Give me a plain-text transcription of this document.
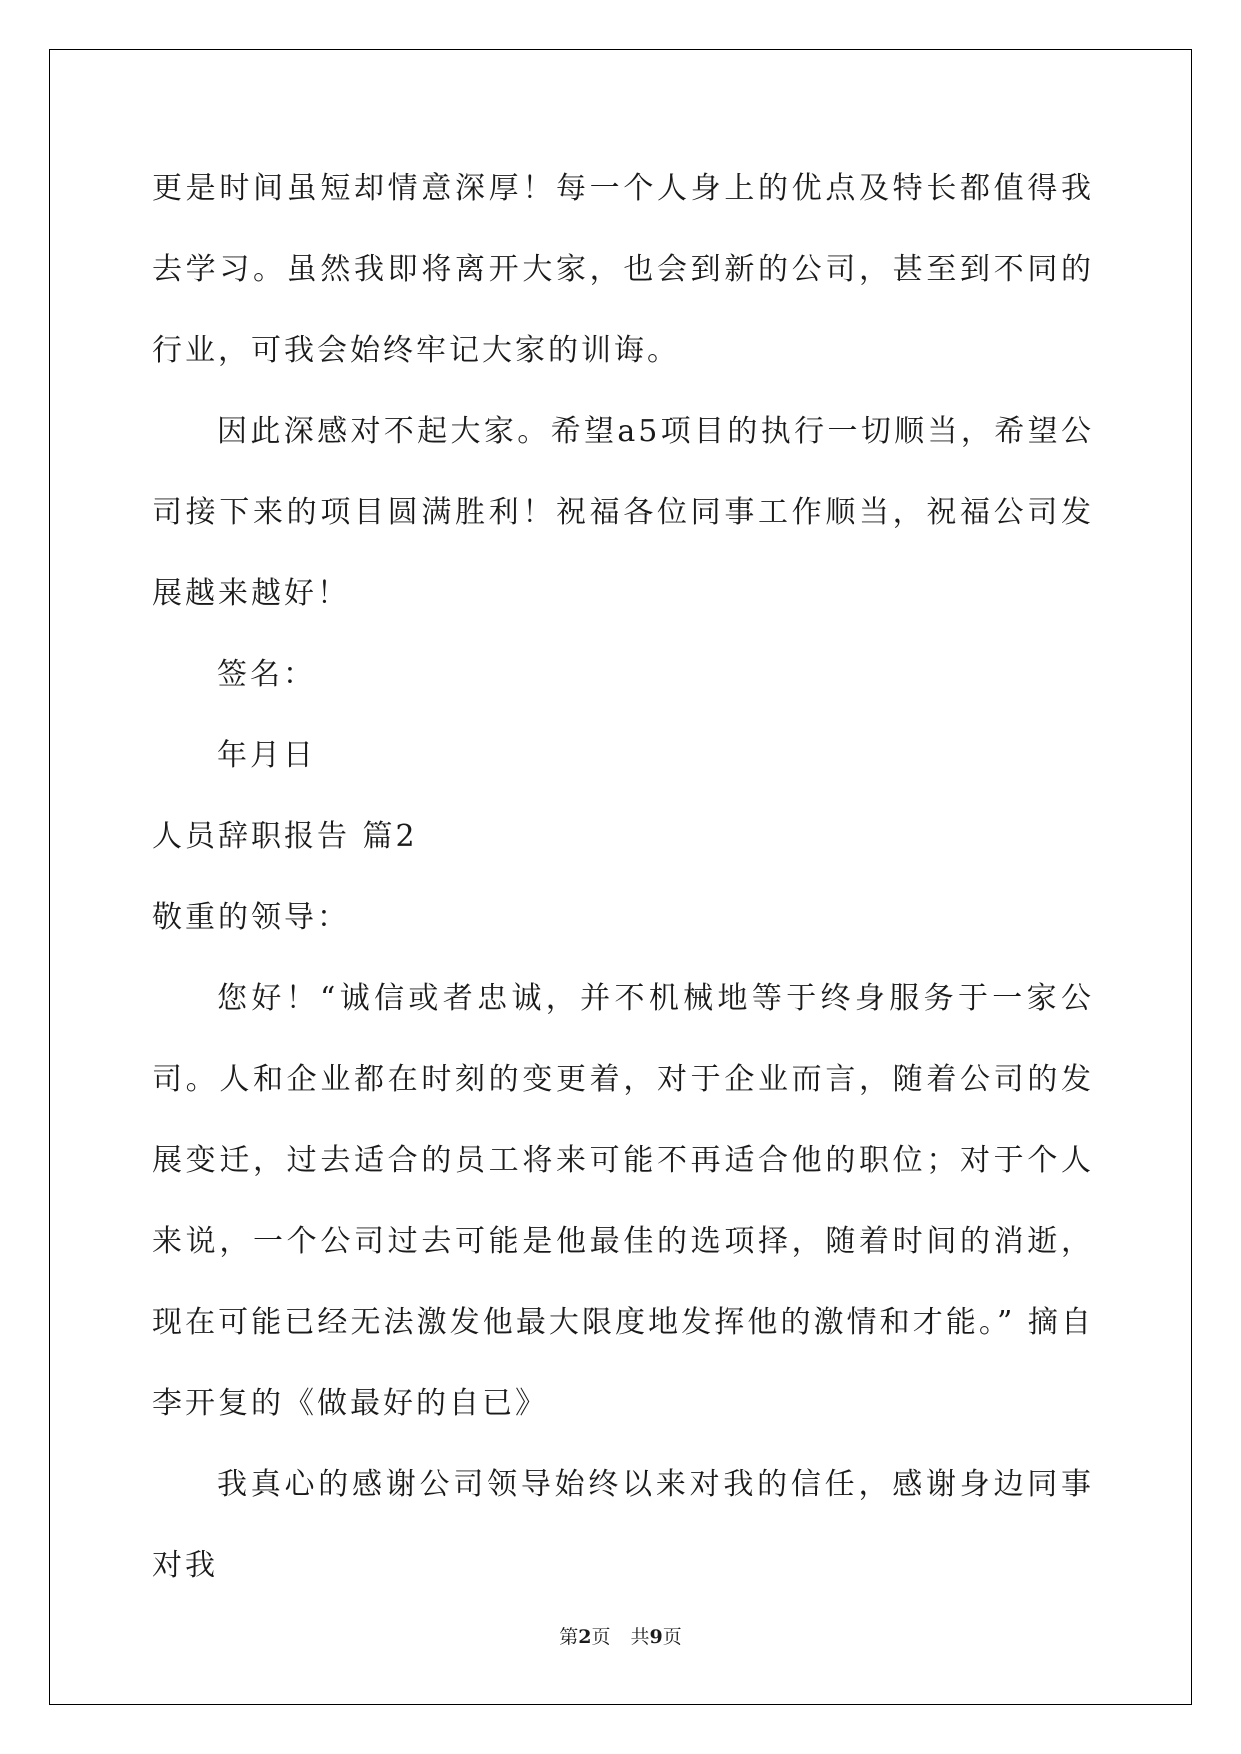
更是时间虽短却情意深厚！每一个人身上的优点及特长都值得我去学习。虽然我即将离开大家，也会到新的公司，甚至到不同的行业，可我会始终牢记大家的训诲。

因此深感对不起大家。希望a5项目的执行一切顺当，希望公司接下来的项目圆满胜利！祝福各位同事工作顺当，祝福公司发展越来越好！

签名：

年月日

人员辞职报告 篇2

敬重的领导：

您好！“诚信或者忠诚，并不机械地等于终身服务于一家公司。人和企业都在时刻的变更着，对于企业而言，随着公司的发展变迁，过去适合的员工将来可能不再适合他的职位；对于个人来说，一个公司过去可能是他最佳的选项择，随着时间的消逝，现在可能已经无法激发他最大限度地发挥他的激情和才能。” 摘自李开复的《做最好的自已》

我真心的感谢公司领导始终以来对我的信任，感谢身边同事对我

第2页 共9页
